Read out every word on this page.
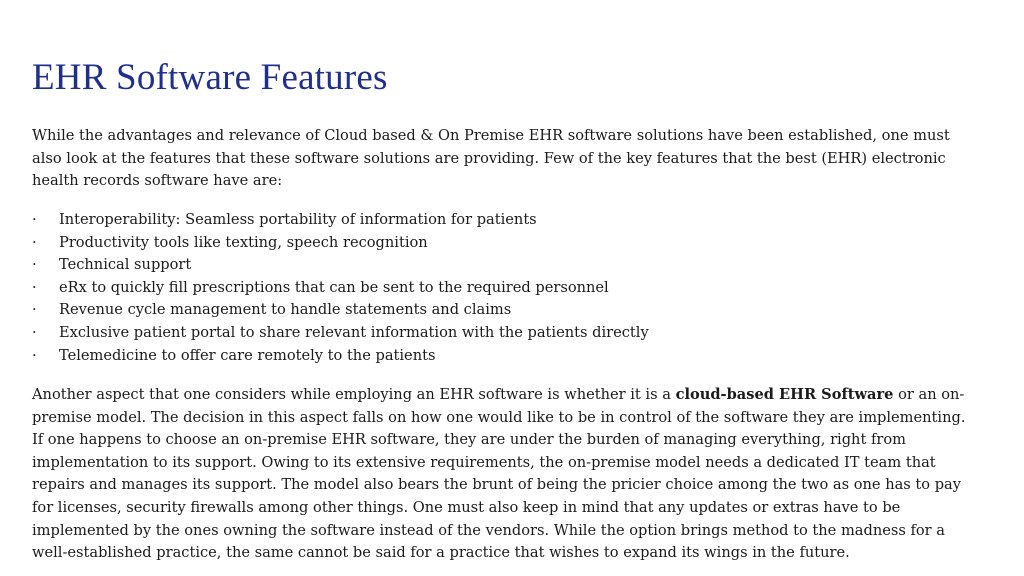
EHR Software Features

While the advantages and relevance of Cloud based & On Premise EHR software solutions have been established, one must also look at the features that these software solutions are providing. Few of the key features that the best (EHR) electronic health records software have are:

·	Interoperability: Seamless portability of information for patients
·	Productivity tools like texting, speech recognition
·	Technical support
·	eRx to quickly fill prescriptions that can be sent to the required personnel
·	Revenue cycle management to handle statements and claims
·	Exclusive patient portal to share relevant information with the patients directly
·	Telemedicine to offer care remotely to the patients

Another aspect that one considers while employing an EHR software is whether it is a cloud-based EHR Software or an on-premise model. The decision in this aspect falls on how one would like to be in control of the software they are implementing. If one happens to choose an on-premise EHR software, they are under the burden of managing everything, right from implementation to its support. Owing to its extensive requirements, the on-premise model needs a dedicated IT team that repairs and manages its support. The model also bears the brunt of being the pricier choice among the two as one has to pay for licenses, security firewalls among other things. One must also keep in mind that any updates or extras have to be implemented by the ones owning the software instead of the vendors. While the option brings method to the madness for a well-established practice, the same cannot be said for a practice that wishes to expand its wings in the future.
